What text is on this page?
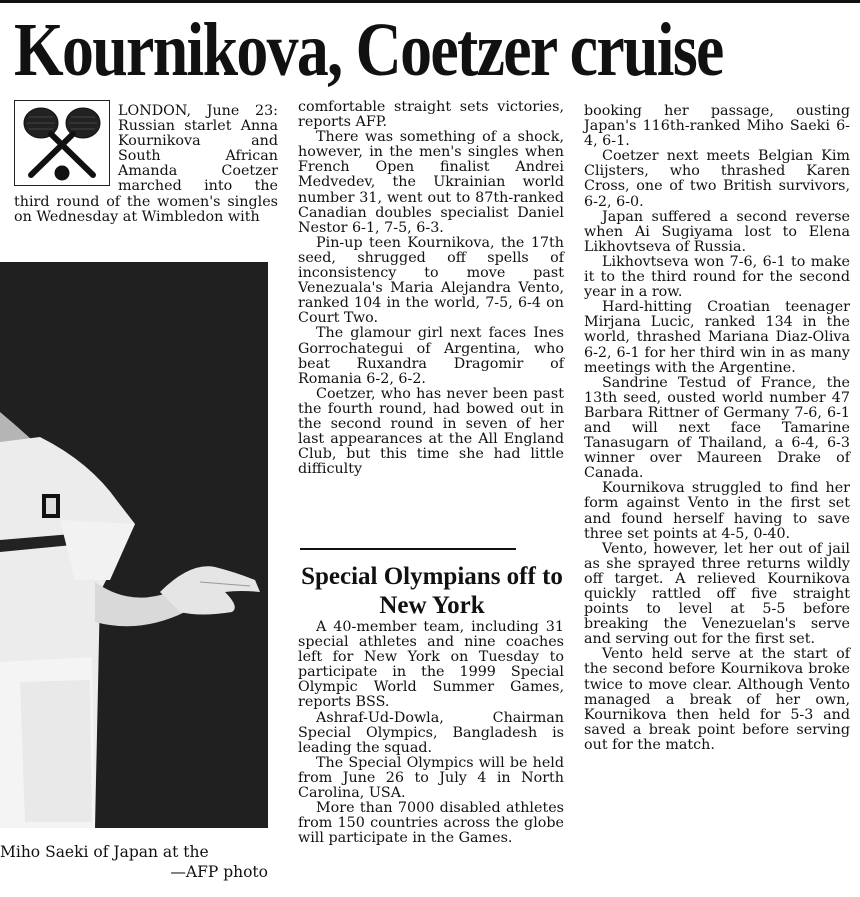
Kournikova, Coetzer cruise

LONDON, June 23: Russian starlet Anna Kournikova and South African Amanda Coetzer marched into the third round of the women's singles on Wednesday at Wimbledon with

Miho Saeki of Japan at the
—AFP photo

comfortable straight sets victories, reports AFP.

There was something of a shock, however, in the men's singles when French Open finalist Andrei Medvedev, the Ukrainian world number 31, went out to 87th-ranked Canadian doubles specialist Daniel Nestor 6-1, 7-5, 6-3.

Pin-up teen Kournikova, the 17th seed, shrugged off spells of inconsistency to move past Venezuala's Maria Alejandra Vento, ranked 104 in the world, 7-5, 6-4 on Court Two.

The glamour girl next faces Ines Gorrochategui of Argentina, who beat Ruxandra Dragomir of Romania 6-2, 6-2.

Coetzer, who has never been past the fourth round, had bowed out in the second round in seven of her last appearances at the All England Club, but this time she had little difficulty

Special Olympians off to New York

A 40-member team, including 31 special athletes and nine coaches left for New York on Tuesday to participate in the 1999 Special Olympic World Summer Games, reports BSS.

Ashraf-Ud-Dowla, Chairman Special Olympics, Bangladesh is leading the squad.

The Special Olympics will be held from June 26 to July 4 in North Carolina, USA.

More than 7000 disabled athletes from 150 countries across the globe will participate in the Games.

booking her passage, ousting Japan's 116th-ranked Miho Saeki 6-4, 6-1.

Coetzer next meets Belgian Kim Clijsters, who thrashed Karen Cross, one of two British survivors, 6-2, 6-0.

Japan suffered a second reverse when Ai Sugiyama lost to Elena Likhovtseva of Russia.

Likhovtseva won 7-6, 6-1 to make it to the third round for the second year in a row.

Hard-hitting Croatian teenager Mirjana Lucic, ranked 134 in the world, thrashed Mariana Diaz-Oliva 6-2, 6-1 for her third win in as many meetings with the Argentine.

Sandrine Testud of France, the 13th seed, ousted world number 47 Barbara Rittner of Germany 7-6, 6-1 and will next face Tamarine Tanasugarn of Thailand, a 6-4, 6-3 winner over Maureen Drake of Canada.

Kournikova struggled to find her form against Vento in the first set and found herself having to save three set points at 4-5, 0-40.

Vento, however, let her out of jail as she sprayed three returns wildly off target. A relieved Kournikova quickly rattled off five straight points to level at 5-5 before breaking the Venezuelan's serve and serving out for the first set.

Vento held serve at the start of the second before Kournikova broke twice to move clear. Although Vento managed a break of her own, Kournikova then held for 5-3 and saved a break point before serving out for the match.
